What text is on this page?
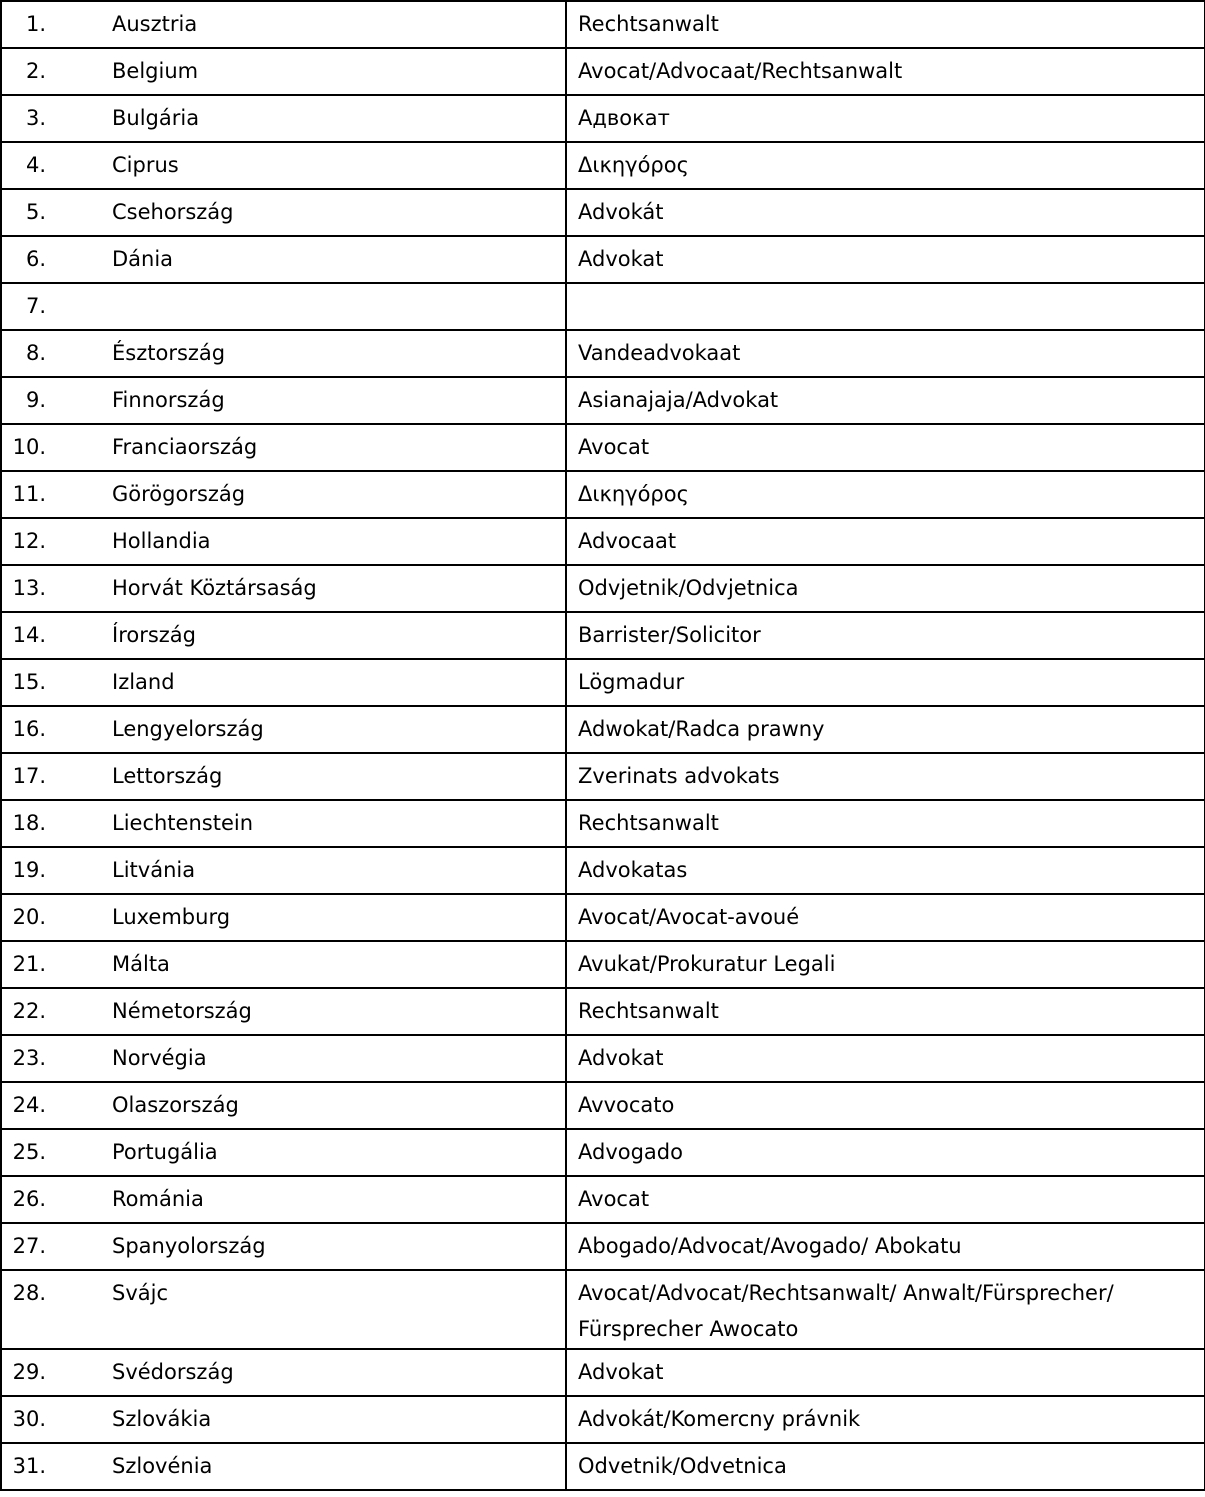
1. Ausztria	Rechtsanwalt

2. Belgium	Avocat/Advocaat/Rechtsanwalt

3. Bulgária	Адвокат

4. Ciprus	Δικηγόρος

5. Csehország	Advokát

6. Dánia	Advokat

7.	

8. Észtország	Vandeadvokaat

9. Finnország	Asianajaja/Advokat

10. Franciaország	Avocat

11. Görögország	Δικηγόρος

12. Hollandia	Advocaat

13. Horvát Köztársaság	Odvjetnik/Odvjetnica

14. Írország	Barrister/Solicitor

15. Izland	Lögmadur

16. Lengyelország	Adwokat/Radca prawny

17. Lettország	Zverinats advokats

18. Liechtenstein	Rechtsanwalt

19. Litvánia	Advokatas

20. Luxemburg	Avocat/Avocat-avoué

21. Málta	Avukat/Prokuratur Legali

22. Németország	Rechtsanwalt

23. Norvégia	Advokat

24. Olaszország	Avvocato

25. Portugália	Advogado

26. Románia	Avocat

27. Spanyolország	Abogado/Advocat/Avogado/ Abokatu

28. Svájc	Avocat/Advocat/Rechtsanwalt/ Anwalt/Fürsprecher/ Fürsprecher Awocato

29. Svédország	Advokat

30. Szlovákia	Advokát/Komercny právnik

31. Szlovénia	Odvetnik/Odvetnica
